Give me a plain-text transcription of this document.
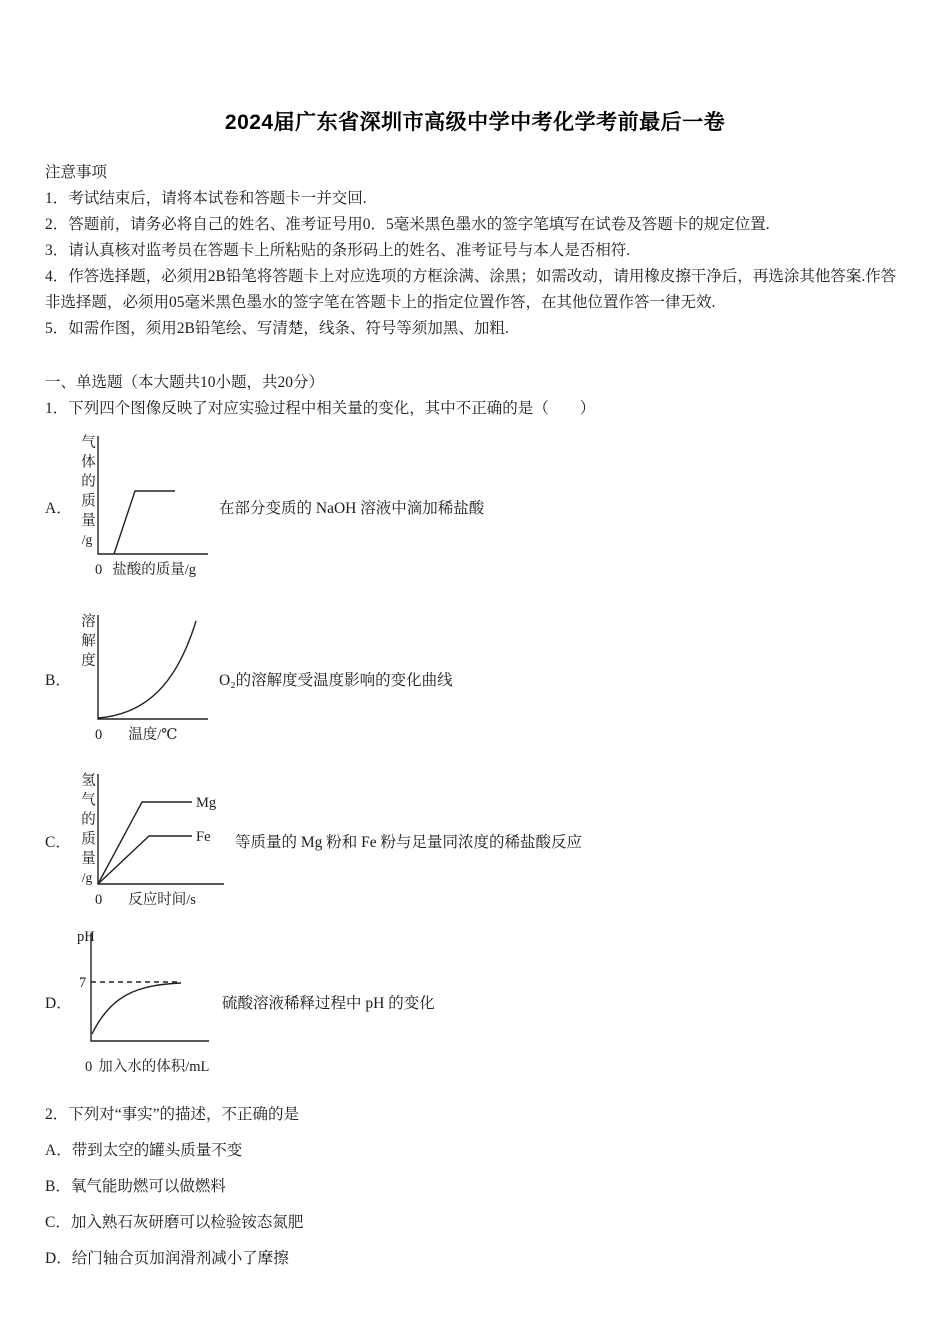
2024届广东省深圳市高级中学中考化学考前最后一卷
注意事项
1．考试结束后，请将本试卷和答题卡一并交回.
2．答题前，请务必将自己的姓名、准考证号用0．5毫米黑色墨水的签字笔填写在试卷及答题卡的规定位置.
3．请认真核对监考员在答题卡上所粘贴的条形码上的姓名、准考证号与本人是否相符.
4．作答选择题，必须用2B铅笔将答题卡上对应选项的方框涂满、涂黑；如需改动，请用橡皮擦干净后，再选涂其他答案.作答非选择题，必须用05毫米黑色墨水的签字笔在答题卡上的指定位置作答，在其他位置作答一律无效.
5．如需作图，须用2B铅笔绘、写清楚，线条、符号等须加黑、加粗.
一、单选题（本大题共10小题，共20分）
1．下列四个图像反映了对应实验过程中相关量的变化，其中不正确的是（　　）
A． 气体的质量
/g
0 盐酸的质量/g
在部分变质的 NaOH 溶液中滴加稀盐酸
B．
溶解度
0 温度/℃
O₂的溶解度受温度影响的变化曲线
C． 氢气的质量
/g
Mg
Fe
0 反应时间/s
等质量的 Mg 粉和 Fe 粉与足量同浓度的稀盐酸反应
D．
pH
7
0 加入水的体积/mL
硫酸溶液稀释过程中 pH 的变化
2．下列对“事实”的描述，不正确的是
A．带到太空的罐头质量不变
B．氧气能助燃可以做燃料
C．加入熟石灰研磨可以检验铵态氮肥
D．给门轴合页加润滑剂减小了摩擦
